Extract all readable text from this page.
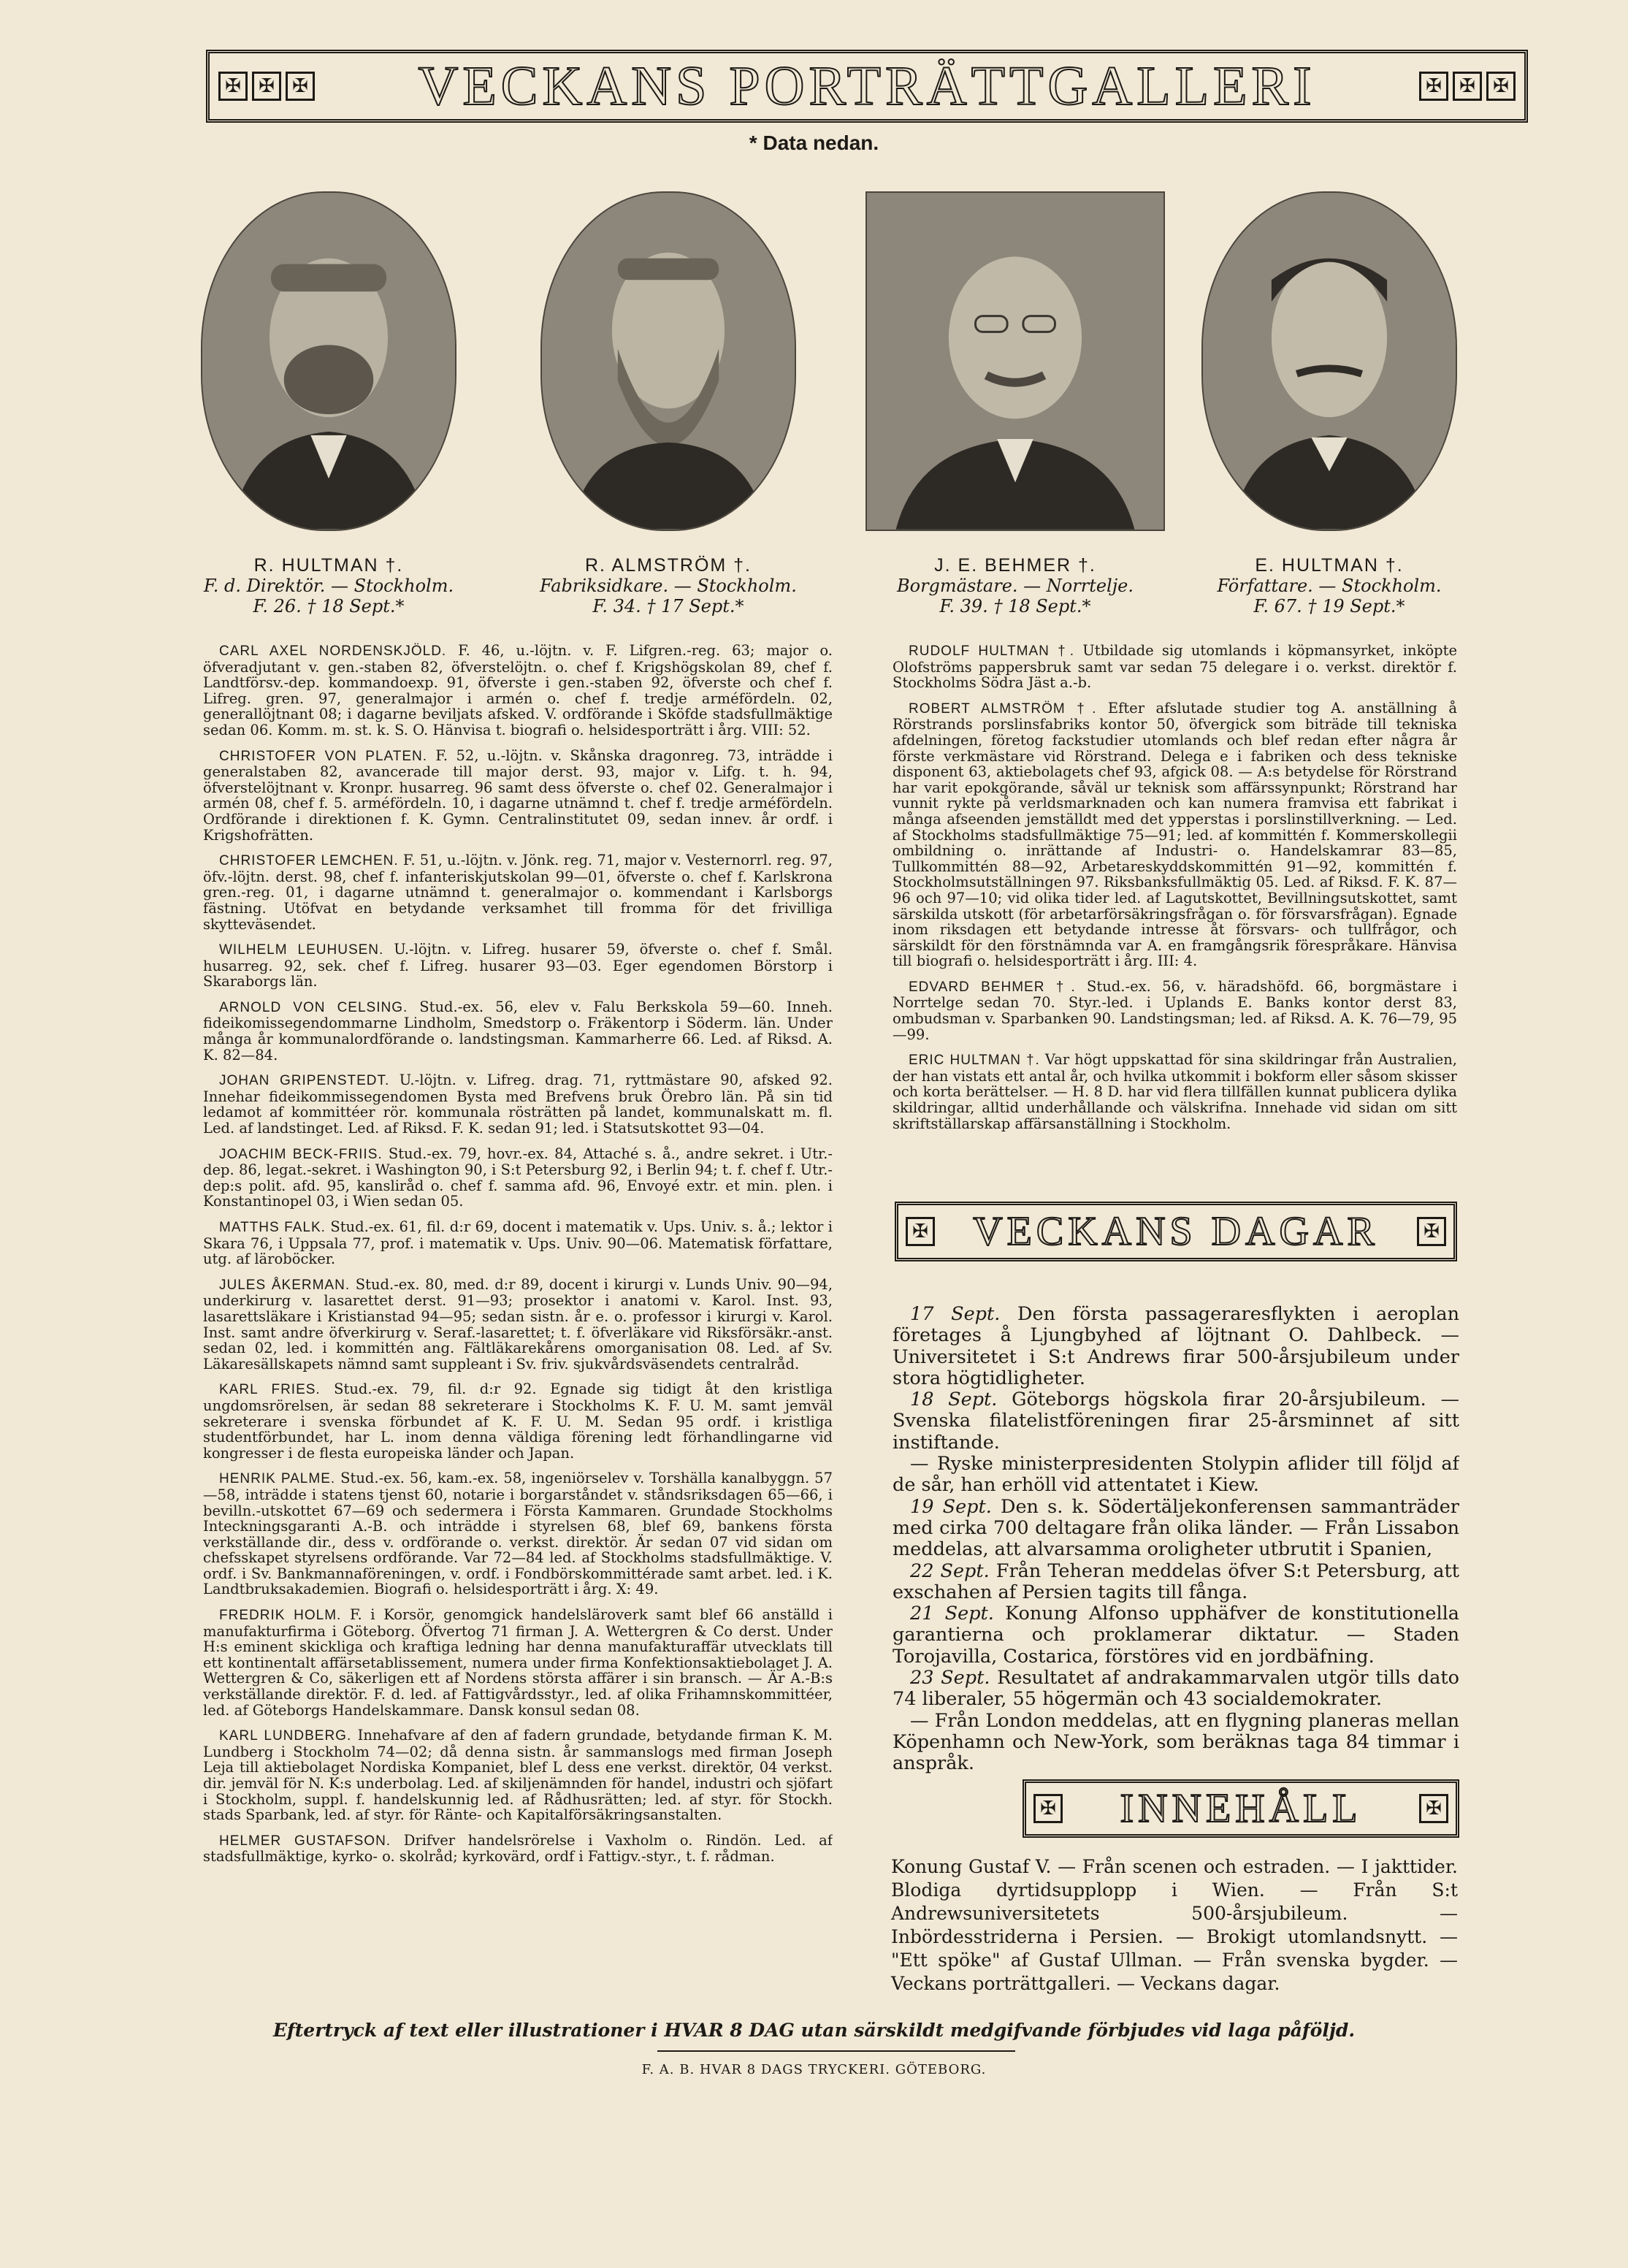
✠ ✠ ✠	VECKANS PORTRÄTTGALLERI	✠ ✠ ✠
* Data nedan.
R. HULTMAN †.
F. d. Direktör. — Stockholm.
F. 26. † 18 Sept.*
R. ALMSTRÖM †.
Fabriksidkare. — Stockholm.
F. 34. † 17 Sept.*
J. E. BEHMER †.
Borgmästare. — Norrtelje.
F. 39. † 18 Sept.*
E. HULTMAN †.
Författare. — Stockholm.
F. 67. † 19 Sept.*

CARL AXEL NORDENSKJÖLD. F. 46, u.-löjtn. v. F. Lifgren.-reg. 63; major o. öfveradjutant v. gen.-staben 82, öfverstelöjtn. o. chef f. Krigshögskolan 89, chef f. Landtförsv.-dep. kommandoexp. 91, öfverste i gen.-staben 92, öfverste och chef f. Lifreg. gren. 97, generalmajor i armén o. chef f. tredje arméfördeln. 02, generallöjtnant 08; i dagarne beviljats afsked. V. ordförande i Sköfde stadsfullmäktige sedan 06. Komm. m. st. k. S. O. Hänvisa t. biografi o. helsidesporträtt i årg. VIII: 52.

CHRISTOFER VON PLATEN. F. 52, u.-löjtn. v. Skånska dragonreg. 73, inträdde i generalstaben 82, avancerade till major derst. 93, major v. Lifg. t. h. 94, öfverstelöjtnant v. Kronpr. husarreg. 96 samt dess öfverste o. chef 02. Generalmajor i armén 08, chef f. 5. arméfördeln. 10, i dagarne utnämnd t. chef f. tredje arméfördeln. Ordförande i direktionen f. K. Gymn. Centralinstitutet 09, sedan innev. år ordf. i Krigshofrätten.

CHRISTOFER LEMCHEN. F. 51, u.-löjtn. v. Jönk. reg. 71, major v. Vesternorrl. reg. 97, öfv.-löjtn. derst. 98, chef f. infanteriskjutskolan 99—01, öfverste o. chef f. Karlskrona gren.-reg. 01, i dagarne utnämnd t. generalmajor o. kommendant i Karlsborgs fästning. Utöfvat en betydande verksamhet till fromma för det frivilliga skytteväsendet.

WILHELM LEUHUSEN. U.-löjtn. v. Lifreg. husarer 59, öfverste o. chef f. Smål. husarreg. 92, sek. chef f. Lifreg. husarer 93—03. Eger egendomen Börstorp i Skaraborgs län.

ARNOLD VON CELSING. Stud.-ex. 56, elev v. Falu Berkskola 59—60. Inneh. fideikomissegendommarne Lindholm, Smedstorp o. Fräkentorp i Söderm. län. Under många år kommunalordförande o. landstingsman. Kammarherre 66. Led. af Riksd. A. K. 82—84.

JOHAN GRIPENSTEDT. U.-löjtn. v. Lifreg. drag. 71, ryttmästare 90, afsked 92. Innehar fideikommissegendomen Bysta med Brefvens bruk Örebro län. På sin tid ledamot af kommittéer rör. kommunala rösträtten på landet, kommunalskatt m. fl. Led. af landstinget. Led. af Riksd. F. K. sedan 91; led. i Statsutskottet 93—04.

JOACHIM BECK-FRIIS. Stud.-ex. 79, hovr.-ex. 84, Attaché s. å., andre sekret. i Utr.-dep. 86, legat.-sekret. i Washington 90, i S:t Petersburg 92, i Berlin 94; t. f. chef f. Utr.-dep:s polit. afd. 95, kansliråd o. chef f. samma afd. 96, Envoyé extr. et min. plen. i Konstantinopel 03, i Wien sedan 05.

MATTHS FALK. Stud.-ex. 61, fil. d:r 69, docent i matematik v. Ups. Univ. s. å.; lektor i Skara 76, i Uppsala 77, prof. i matematik v. Ups. Univ. 90—06. Matematisk författare, utg. af läroböcker.

JULES ÅKERMAN. Stud.-ex. 80, med. d:r 89, docent i kirurgi v. Lunds Univ. 90—94, underkirurg v. lasarettet derst. 91—93; prosektor i anatomi v. Karol. Inst. 93, lasarettsläkare i Kristianstad 94—95; sedan sistn. år e. o. professor i kirurgi v. Karol. Inst. samt andre öfverkirurg v. Seraf.-lasarettet; t. f. öfverläkare vid Riksförsäkr.-anst. sedan 02, led. i kommittén ang. Fältläkarekårens omorganisation 08. Led. af Sv. Läkaresällskapets nämnd samt suppleant i Sv. friv. sjukvårdsväsendets centralråd.

KARL FRIES. Stud.-ex. 79, fil. d:r 92. Egnade sig tidigt åt den kristliga ungdomsrörelsen, är sedan 88 sekreterare i Stockholms K. F. U. M. samt jemväl sekreterare i svenska förbundet af K. F. U. M. Sedan 95 ordf. i kristliga studentförbundet, har L. inom denna väldiga förening ledt förhandlingarne vid kongresser i de flesta europeiska länder och Japan.

HENRIK PALME. Stud.-ex. 56, kam.-ex. 58, ingeniörselev v. Torshälla kanalbyggn. 57—58, inträdde i statens tjenst 60, notarie i borgarståndet v. ståndsriksdagen 65—66, i bevilln.-utskottet 67—69 och sedermera i Första Kammaren. Grundade Stockholms Inteckningsgaranti A.-B. och inträdde i styrelsen 68, blef 69, bankens första verkställande dir., dess v. ordförande o. verkst. direktör. Är sedan 07 vid sidan om chefsskapet styrelsens ordförande. Var 72—84 led. af Stockholms stadsfullmäktige. V. ordf. i Sv. Bankmannaföreningen, v. ordf. i Fondbörskommittérade samt arbet. led. i K. Landtbruksakademien. Biografi o. helsidesporträtt i årg. X: 49.

FREDRIK HOLM. F. i Korsör, genomgick handelsläroverk samt blef 66 anställd i manufakturfirma i Göteborg. Öfvertog 71 firman J. A. Wettergren & Co derst. Under H:s eminent skickliga och kraftiga ledning har denna manufakturaffär utvecklats till ett kontinentalt affärsetablissement, numera under firma Konfektionsaktiebolaget J. A. Wettergren & Co, säkerligen ett af Nordens största affärer i sin bransch. — Är A.-B:s verkställande direktör. F. d. led. af Fattigvårdsstyr., led. af olika Frihamnskommittéer, led. af Göteborgs Handelskammare. Dansk konsul sedan 08.

KARL LUNDBERG. Innehafvare af den af fadern grundade, betydande firman K. M. Lundberg i Stockholm 74—02; då denna sistn. år sammanslogs med firman Joseph Leja till aktiebolaget Nordiska Kompaniet, blef L dess ene verkst. direktör, 04 verkst. dir. jemväl för N. K:s underbolag. Led. af skiljenämnden för handel, industri och sjöfart i Stockholm, suppl. f. handelskunnig led. af Rådhusrätten; led. af styr. för Stockh. stads Sparbank, led. af styr. för Ränte- och Kapitalförsäkringsanstalten.

HELMER GUSTAFSON. Drifver handelsrörelse i Vaxholm o. Rindön. Led. af stadsfullmäktige, kyrko- o. skolråd; kyrkovärd, ordf i Fattigv.-styr., t. f. rådman.

RUDOLF HULTMAN †. Utbildade sig utomlands i köpmansyrket, inköpte Olofströms pappersbruk samt var sedan 75 delegare i o. verkst. direktör f. Stockholms Södra Jäst a.-b.

ROBERT ALMSTRÖM †. Efter afslutade studier tog A. anställning å Rörstrands porslinsfabriks kontor 50, öfvergick som biträde till tekniska afdelningen, företog fackstudier utomlands och blef redan efter några år förste verkmästare vid Rörstrand. Delega e i fabriken och dess tekniske disponent 63, aktiebolagets chef 93, afgick 08. — A:s betydelse för Rörstrand har varit epokgörande, såväl ur teknisk som affärssynpunkt; Rörstrand har vunnit rykte på verldsmarknaden och kan numera framvisa ett fabrikat i många afseenden jemställdt med det ypperstas i porslinstillverkning. — Led. af Stockholms stadsfullmäktige 75—91; led. af kommittén f. Kommerskollegii ombildning o. inrättande af Industri- o. Handelskamrar 83—85, Tullkommittén 88—92, Arbetareskyddskommittén 91—92, kommittén f. Stockholmsutställningen 97. Riksbanksfullmäktig 05. Led. af Riksd. F. K. 87—96 och 97—10; vid olika tider led. af Lagutskottet, Bevillningsutskottet, samt särskilda utskott (för arbetarförsäkringsfrågan o. för försvarsfrågan). Egnade inom riksdagen ett betydande intresse åt försvars- och tullfrågor, och särskildt för den förstnämnda var A. en framgångsrik förespråkare. Hänvisa till biografi o. helsidesporträtt i årg. III: 4.

EDVARD BEHMER †. Stud.-ex. 56, v. häradshöfd. 66, borgmästare i Norrtelge sedan 70. Styr.-led. i Uplands E. Banks kontor derst 83, ombudsman v. Sparbanken 90. Landstingsman; led. af Riksd. A. K. 76—79, 95—99.

ERIC HULTMAN †. Var högt uppskattad för sina skildringar från Australien, der han vistats ett antal år, och hvilka utkommit i bokform eller såsom skisser och korta berättelser. — H. 8 D. har vid flera tillfällen kunnat publicera dylika skildringar, alltid underhållande och välskrifna. Innehade vid sidan om sitt skriftställarskap affärsanställning i Stockholm.

✠	VECKANS DAGAR	✠

17 Sept. Den första passageraresflykten i aeroplan företages å Ljungbyhed af löjtnant O. Dahlbeck. — Universitetet i S:t Andrews firar 500-årsjubileum under stora högtidligheter.

18 Sept. Göteborgs högskola firar 20-årsjubileum. — Svenska filatelistföreningen firar 25-årsminnet af sitt instiftande.

— Ryske ministerpresidenten Stolypin aflider till följd af de sår, han erhöll vid attentatet i Kiew.

19 Sept. Den s. k. Södertäljekonferensen sammanträder med cirka 700 deltagare från olika länder. — Från Lissabon meddelas, att alvarsamma oroligheter utbrutit i Spanien,

22 Sept. Från Teheran meddelas öfver S:t Petersburg, att exschahen af Persien tagits till fånga.

21 Sept. Konung Alfonso upphäfver de konstitutionella garantierna och proklamerar diktatur. — Staden Torojavilla, Costarica, förstöres vid en jordbäfning.

23 Sept. Resultatet af andrakammarvalen utgör tills dato 74 liberaler, 55 högermän och 43 socialdemokrater.

— Från London meddelas, att en flygning planeras mellan Köpenhamn och New-York, som beräknas taga 84 timmar i anspråk.

✠	INNEHÅLL	✠
Konung Gustaf V. — Från scenen och estraden. — I jakttider. Blodiga dyrtidsupplopp i Wien. — Från S:t Andrewsuniversitetets 500-årsjubileum. — Inbördesstriderna i Persien. — Brokigt utomlandsnytt. — "Ett spöke" af Gustaf Ullman. — Från svenska bygder. — Veckans porträttgalleri. — Veckans dagar.
Eftertryck af text eller illustrationer i HVAR 8 DAG utan särskildt medgifvande förbjudes vid laga påföljd.
F. A. B. HVAR 8 DAGS TRYCKERI. GÖTEBORG.
